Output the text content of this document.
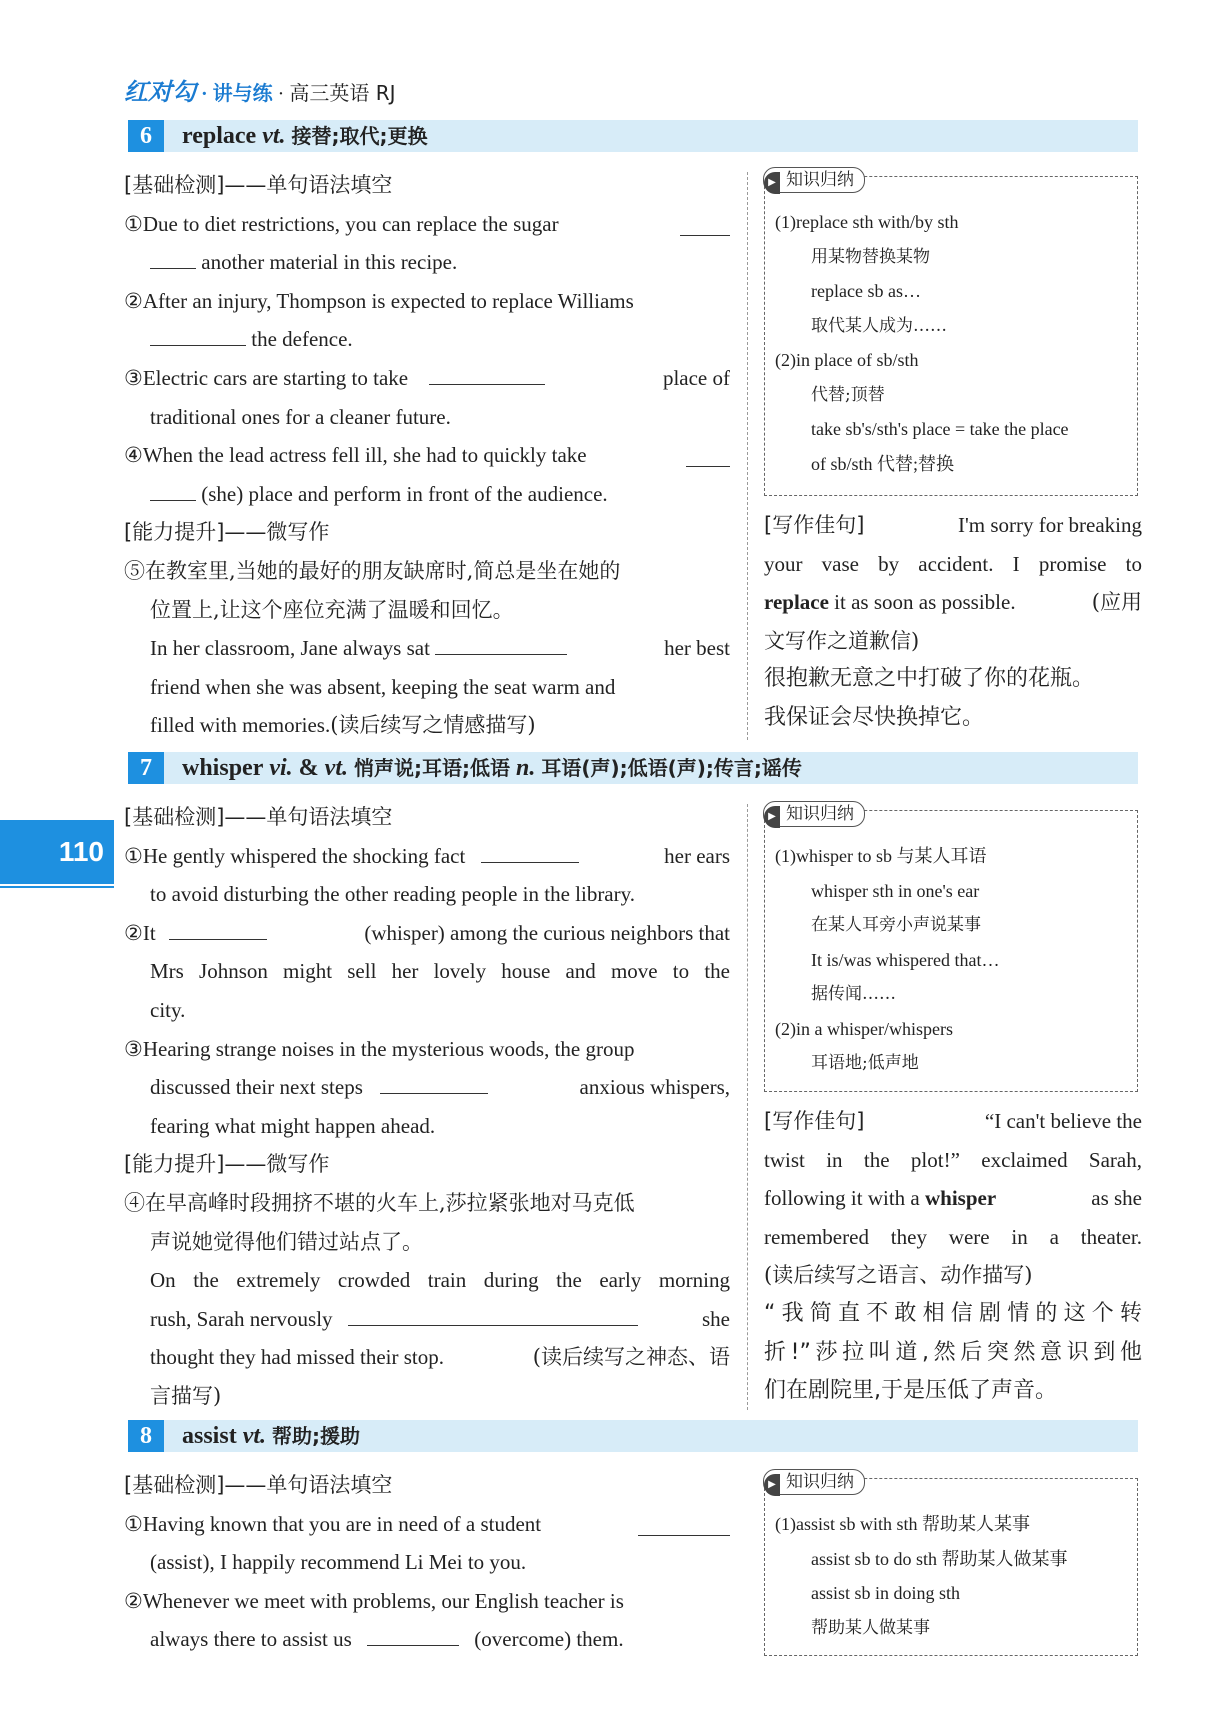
红对勾 · 讲与练 · 高三英语 RJ
110
6	replace vt. 接替;取代;更换
[基础检测]——单句语法填空
①Due to diet restrictions, you can replace the sugar
another material in this recipe.
②After an injury, Thompson is expected to replace Williams
the defence.
③Electric cars are starting to take	place of
traditional ones for a cleaner future.
④When the lead actress fell ill, she had to quickly take
(she) place and perform in front of the audience.
[能力提升]——微写作
⑤在教室里,当她的最好的朋友缺席时,简总是坐在她的
位置上,让这个座位充满了温暖和回忆。
In her classroom, Jane always sat	her best
friend when she was absent, keeping the seat warm and
filled with memories.(读后续写之情感描写)
▶ 知识归纳
(1)replace sth with/by sth
用某物替换某物
replace sb as…
取代某人成为……
(2)in place of sb/sth
代替;顶替
take sb's/sth's place = take the place
of sb/sth 代替;替换
[写作佳句]	I'm sorry for breaking
your vase by accident. I promise to
replace it as soon as possible.	(应用
文写作之道歉信)
很抱歉无意之中打破了你的花瓶。
我保证会尽快换掉它。
7	whisper vi. & vt. 悄声说;耳语;低语 n. 耳语(声);低语(声);传言;谣传
[基础检测]——单句语法填空
①He gently whispered the shocking fact	her ears
to avoid disturbing the other reading people in the library.
②It	(whisper) among the curious neighbors that
Mrs Johnson might sell her lovely house and move to the
city.
③Hearing strange noises in the mysterious woods, the group
discussed their next steps	anxious whispers,
fearing what might happen ahead.
[能力提升]——微写作
④在早高峰时段拥挤不堪的火车上,莎拉紧张地对马克低
声说她觉得他们错过站点了。
On the extremely crowded train during the early morning
rush, Sarah nervously	she
thought they had missed their stop.	(读后续写之神态、语
言描写)
▶ 知识归纳
(1)whisper to sb 与某人耳语
whisper sth in one's ear
在某人耳旁小声说某事
It is/was whispered that…
据传闻……
(2)in a whisper/whispers
耳语地;低声地
[写作佳句]	“I can't believe the
twist in the plot!” exclaimed Sarah,
following it with a whisper	as she
remembered they were in a theater.
(读后续写之语言、动作描写)
“我简直不敢相信剧情的这个转
折!”莎拉叫道,然后突然意识到他
们在剧院里,于是压低了声音。
8	assist vt. 帮助;援助
[基础检测]——单句语法填空
①Having known that you are in need of a student
(assist), I happily recommend Li Mei to you.
②Whenever we meet with problems, our English teacher is
always there to assist us	(overcome) them.
▶ 知识归纳
(1)assist sb with sth 帮助某人某事
assist sb to do sth 帮助某人做某事
assist sb in doing sth
帮助某人做某事
